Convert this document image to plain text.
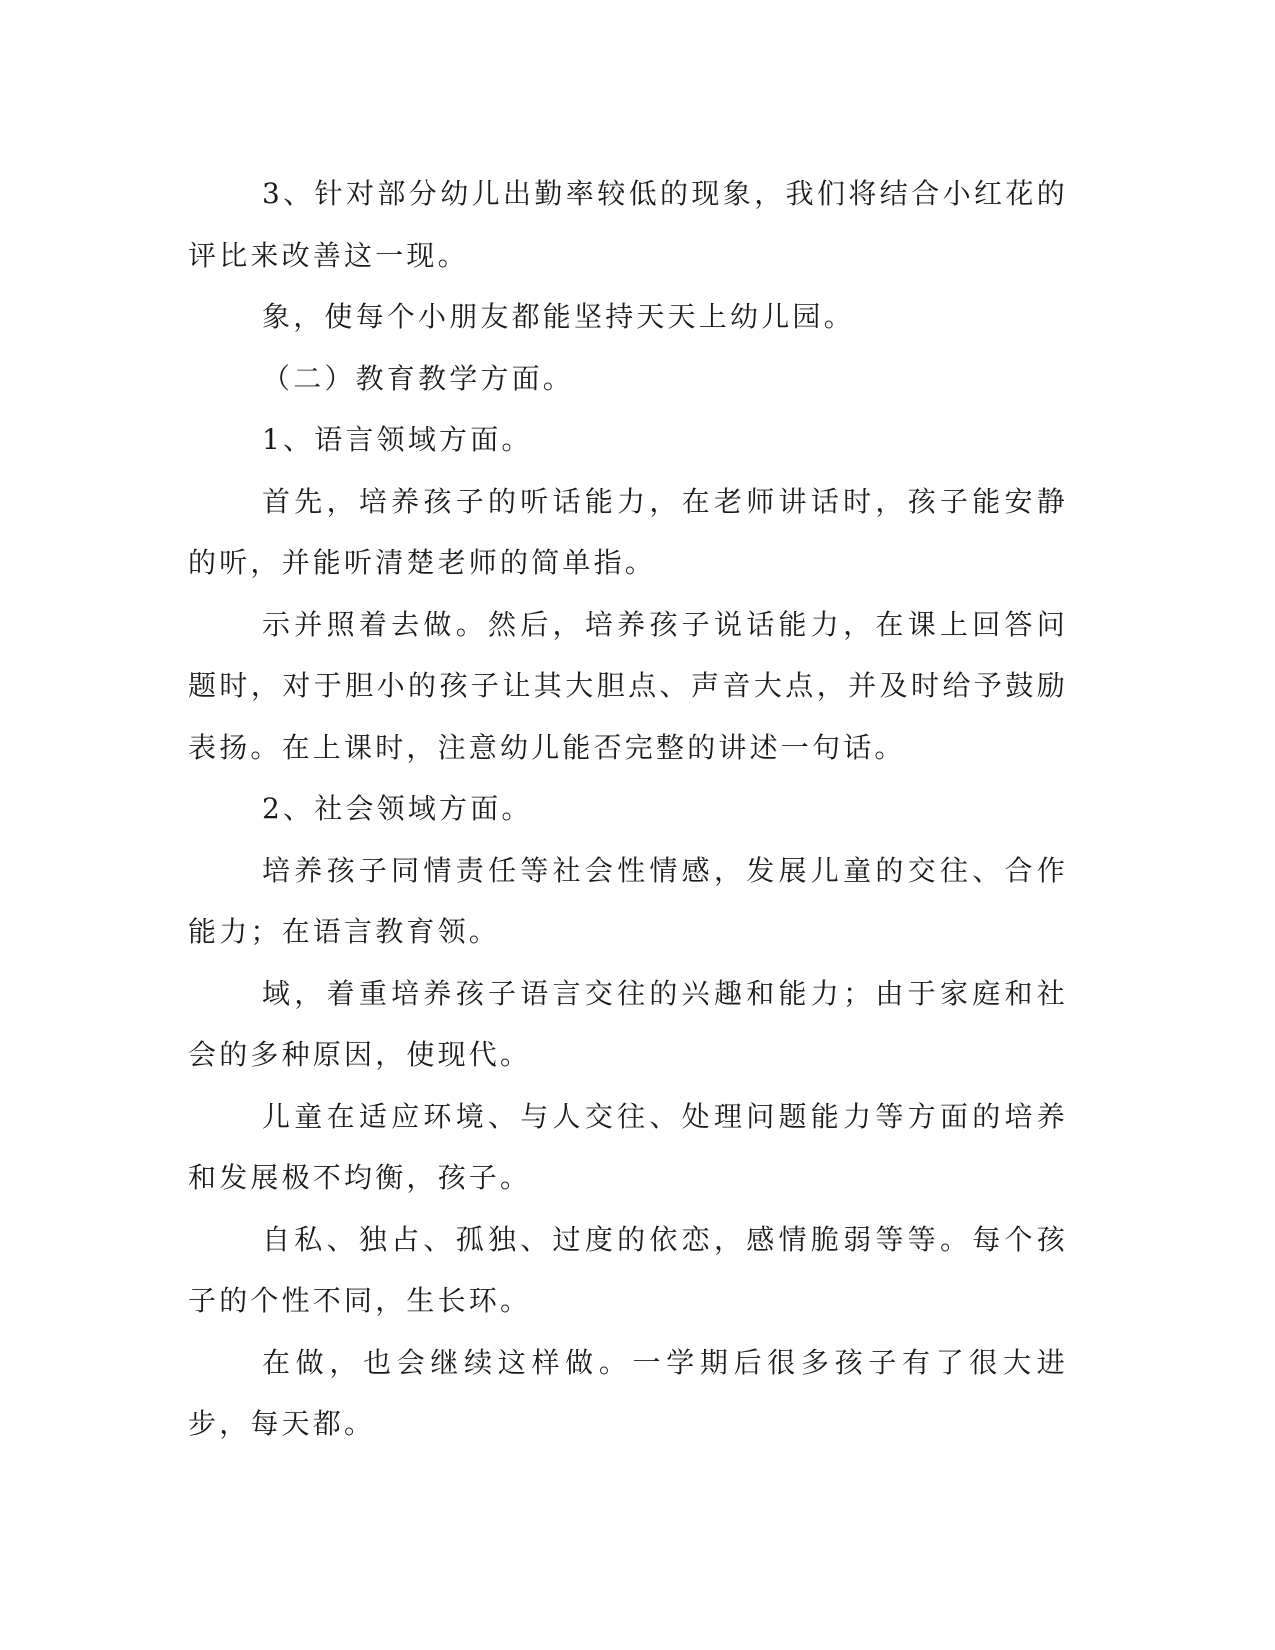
3、针对部分幼儿出勤率较低的现象，我们将结合小红花的评比来改善这一现。

象，使每个小朋友都能坚持天天上幼儿园。

（二）教育教学方面。

1、语言领域方面。

首先，培养孩子的听话能力，在老师讲话时，孩子能安静的听，并能听清楚老师的简单指。

示并照着去做。然后，培养孩子说话能力，在课上回答问题时，对于胆小的孩子让其大胆点、声音大点，并及时给予鼓励表扬。在上课时，注意幼儿能否完整的讲述一句话。

2、社会领域方面。

培养孩子同情责任等社会性情感，发展儿童的交往、合作能力；在语言教育领。

域，着重培养孩子语言交往的兴趣和能力；由于家庭和社会的多种原因，使现代。

儿童在适应环境、与人交往、处理问题能力等方面的培养和发展极不均衡，孩子。

自私、独占、孤独、过度的依恋，感情脆弱等等。每个孩子的个性不同，生长环。

在做，也会继续这样做。一学期后很多孩子有了很大进步，每天都。
